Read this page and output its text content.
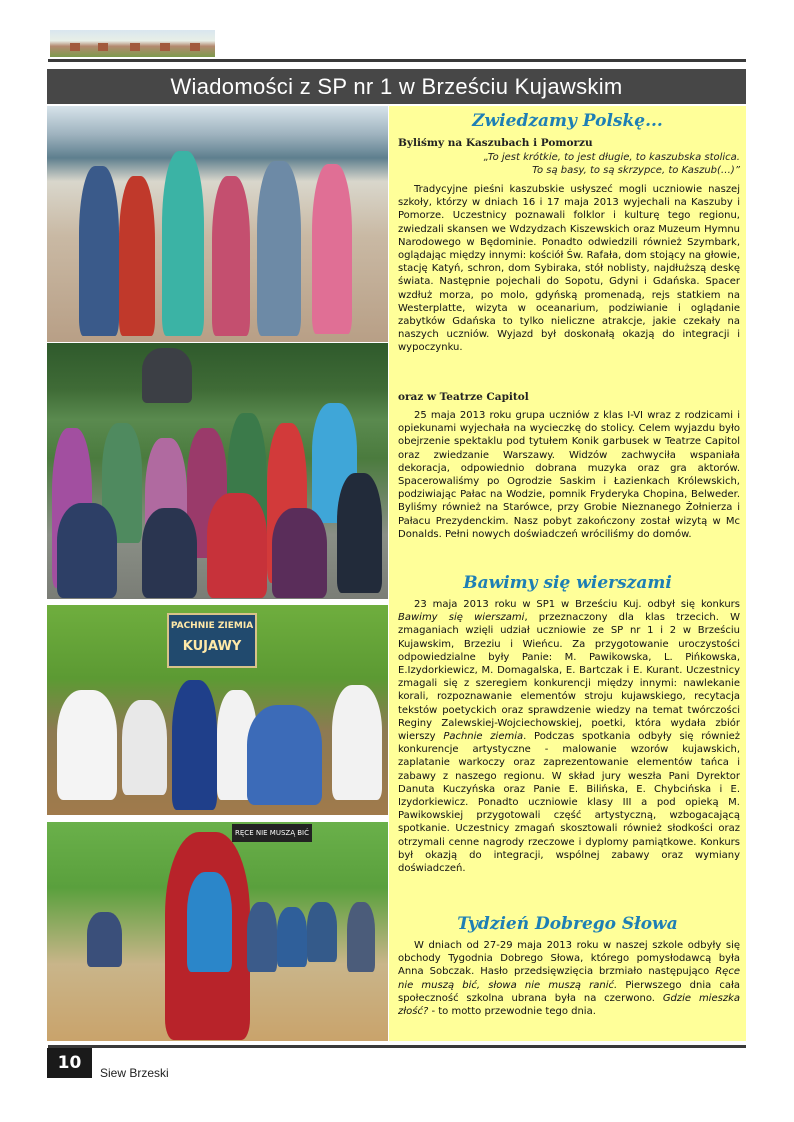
Wiadomości z SP nr 1 w Brześciu Kujawskim
PACHNIE ZIEMIA
KUJAWY
RĘCE NIE MUSZĄ BIĆ
Zwiedzamy Polskę...
Byliśmy na Kaszubach i Pomorzu
„To jest krótkie, to jest długie, to kaszubska stolica.
To są basy, to są skrzypce, to Kaszub(…)”

Tradycyjne pieśni kaszubskie usłyszeć mogli uczniowie naszej szkoły, którzy w dniach 16 i 17 maja 2013 wyjechali na Kaszuby i Pomorze. Uczestnicy poznawali folklor i kulturę tego regionu, zwiedzali skansen we Wdzydzach Kiszewskich oraz Muzeum Hymnu Narodowego w Będominie. Ponadto odwiedzili również Szymbark, oglądając między innymi: kościół Św. Rafała, dom stojący na głowie, stację Katyń, schron, dom Sybiraka, stół noblisty, najdłuższą deskę świata. Następnie pojechali do Sopotu, Gdyni i Gdańska. Spacer wzdłuż morza, po molo, gdyńską promenadą, rejs statkiem na Westerplatte, wizyta w oceanarium, podziwianie i oglądanie zabytków Gdańska to tylko nieliczne atrakcje, jakie czekały na naszych uczniów. Wyjazd był doskonałą okazją do integracji i wypoczynku.

oraz w Teatrze Capitol

25 maja 2013 roku grupa uczniów z klas I-VI wraz z rodzicami i opiekunami wyjechała na wycieczkę do stolicy. Celem wyjazdu było obejrzenie spektaklu pod tytułem Konik garbusek w Teatrze Capitol oraz zwiedzanie Warszawy. Widzów zachwyciła wspaniała dekoracja, odpowiednio dobrana muzyka oraz gra aktorów. Spacerowaliśmy po Ogrodzie Saskim i Łazienkach Królewskich, podziwiając Pałac na Wodzie, pomnik Fryderyka Chopina, Belweder. Byliśmy również na Starówce, przy Grobie Nieznanego Żołnierza i Pałacu Prezydenckim. Nasz pobyt zakończony został wizytą w Mc Donalds. Pełni nowych doświadczeń wróciliśmy do domów.

Bawimy się wierszami

23 maja 2013 roku w SP1 w Brześciu Kuj. odbył się konkurs Bawimy się wierszami, przeznaczony dla klas trzecich. W zmaganiach wzięli udział uczniowie ze SP nr 1 i 2 w Brześciu Kujawskim, Brzeziu i Wieńcu. Za przygotowanie uroczystości odpowiedzialne były Panie: M. Pawikowska, L. Pińkowska, E.Izydorkiewicz, M. Domagalska, E. Bartczak i E. Kurant. Uczestnicy zmagali się z szeregiem konkurencji między innymi: nawlekanie korali, rozpoznawanie elementów stroju kujawskiego, recytacja tekstów poetyckich oraz sprawdzenie wiedzy na temat twórczości Reginy Zalewskiej-Wojciechowskiej, poetki, która wydała zbiór wierszy Pachnie ziemia. Podczas spotkania odbyły się również konkurencje artystyczne - malowanie wzorów kujawskich, zaplatanie warkoczy oraz zaprezentowanie elementów tańca i zabawy z naszego regionu. W skład jury weszła Pani Dyrektor Danuta Kuczyńska oraz Panie E. Bilińska, E. Chybcińska i E. Izydorkiewicz. Ponadto uczniowie klasy III a pod opieką M. Pawikowskiej przygotowali część artystyczną, wzbogacającą spotkanie. Uczestnicy zmagań skosztowali również słodkości oraz otrzymali cenne nagrody rzeczowe i dyplomy pamiątkowe. Konkurs był okazją do integracji, wspólnej zabawy oraz wymiany doświadczeń.

Tydzień Dobrego Słowa

W dniach od 27-29 maja 2013 roku w naszej szkole odbyły się obchody Tygodnia Dobrego Słowa, którego pomysłodawcą była Anna Sobczak. Hasło przedsięwzięcia brzmiało następująco Ręce nie muszą bić, słowa nie muszą ranić. Pierwszego dnia cała społeczność szkolna ubrana była na czerwono. Gdzie mieszka złość? - to motto przewodnie tego dnia.

10	Siew Brzeski
